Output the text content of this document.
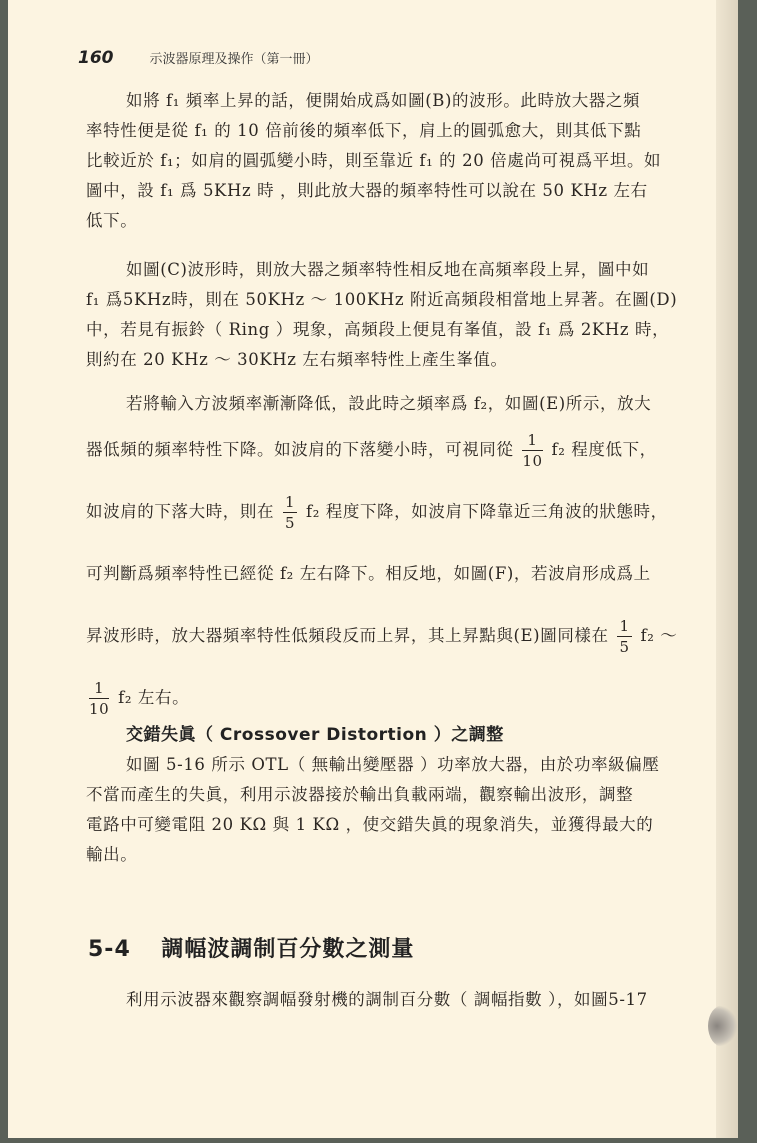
160	示波器原理及操作（第一冊）
如將 f₁ 頻率上昇的話，便開始成爲如圖(B)的波形。此時放大器之頻
率特性便是從 f₁ 的 10 倍前後的頻率低下，肩上的圓弧愈大，則其低下點
比較近於 f₁；如肩的圓弧變小時，則至靠近 f₁ 的 20 倍處尚可視爲平坦。如
圖中，設 f₁ 爲 5KHz 時 ，則此放大器的頻率特性可以說在 50 KHz 左右
低下。
如圖(C)波形時，則放大器之頻率特性相反地在高頻率段上昇，圖中如
f₁ 爲5KHz時，則在 50KHz ～ 100KHz 附近高頻段相當地上昇著。在圖(D)
中，若見有振鈴（ Ring ）現象，高頻段上便見有峯值，設 f₁ 爲 2KHz 時，
則約在 20 KHz ～ 30KHz 左右頻率特性上產生峯值。
若將輸入方波頻率漸漸降低，設此時之頻率爲 f₂，如圖(E)所示，放大
器低頻的頻率特性下降。如波肩的下落變小時，可視同從 $\frac{1}{10} f_2$ 程度低下，
如波肩的下落大時，則在 $\frac{1}{5} f_2$ 程度下降，如波肩下降靠近三角波的狀態時，
可判斷爲頻率特性已經從 f₂ 左右降下。相反地，如圖(F)，若波肩形成爲上
昇波形時，放大器頻率特性低頻段反而上昇，其上昇點與(E)圖同樣在 $\frac{1}{5} f_2$ ～
$\frac{1}{10} f_2$ 左右。
交錯失眞（ Crossover Distortion ）之調整
如圖 5-16 所示 OTL（ 無輸出變壓器 ）功率放大器，由於功率級偏壓
不當而產生的失眞，利用示波器接於輸出負載兩端，觀察輸出波形，調整
電路中可變電阻 20 KΩ 與 1 KΩ ，使交錯失眞的現象消失，並獲得最大的
輸出。
5-4 調幅波調制百分數之測量
利用示波器來觀察調幅發射機的調制百分數（ 調幅指數 ），如圖5-17
